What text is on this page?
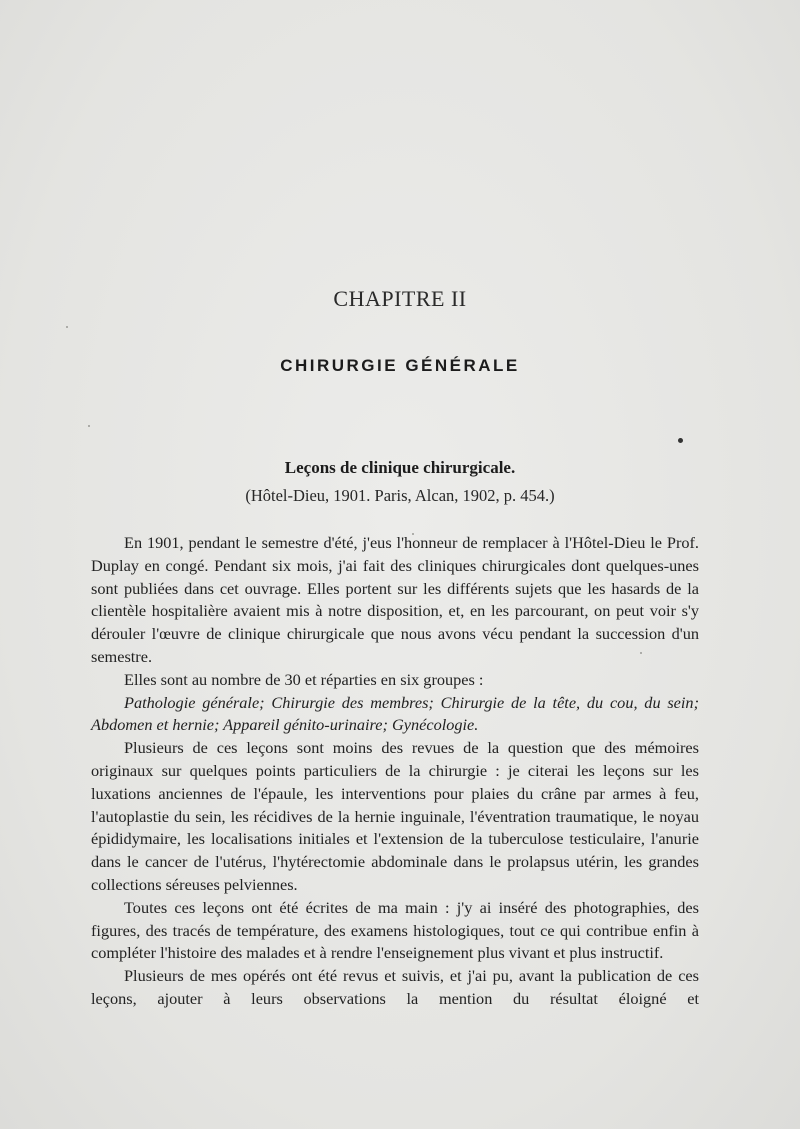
CHAPITRE II
CHIRURGIE GÉNÉRALE
Leçons de clinique chirurgicale.
(Hôtel-Dieu, 1901. Paris, Alcan, 1902, p. 454.)

En 1901, pendant le semestre d'été, j'eus l'honneur de remplacer à l'Hôtel-Dieu le Prof. Duplay en congé. Pendant six mois, j'ai fait des cliniques chirurgicales dont quelques-unes sont publiées dans cet ouvrage. Elles portent sur les différents sujets que les hasards de la clientèle hospitalière avaient mis à notre disposition, et, en les parcourant, on peut voir s'y dérouler l'œuvre de clinique chirurgicale que nous avons vécu pendant la succession d'un semestre.

Elles sont au nombre de 30 et réparties en six groupes :

Pathologie générale; Chirurgie des membres; Chirurgie de la tête, du cou, du sein; Abdomen et hernie; Appareil génito-urinaire; Gynécologie.

Plusieurs de ces leçons sont moins des revues de la question que des mémoires originaux sur quelques points particuliers de la chirurgie : je citerai les leçons sur les luxations anciennes de l'épaule, les interventions pour plaies du crâne par armes à feu, l'autoplastie du sein, les récidives de la hernie inguinale, l'éventration traumatique, le noyau épididymaire, les localisations initiales et l'extension de la tuberculose testiculaire, l'anurie dans le cancer de l'utérus, l'hytérectomie abdominale dans le prolapsus utérin, les grandes collections séreuses pelviennes.

Toutes ces leçons ont été écrites de ma main : j'y ai inséré des photographies, des figures, des tracés de température, des examens histologiques, tout ce qui contribue enfin à compléter l'histoire des malades et à rendre l'enseignement plus vivant et plus instructif.

Plusieurs de mes opérés ont été revus et suivis, et j'ai pu, avant la publication de ces leçons, ajouter à leurs observations la mention du résultat éloigné et
